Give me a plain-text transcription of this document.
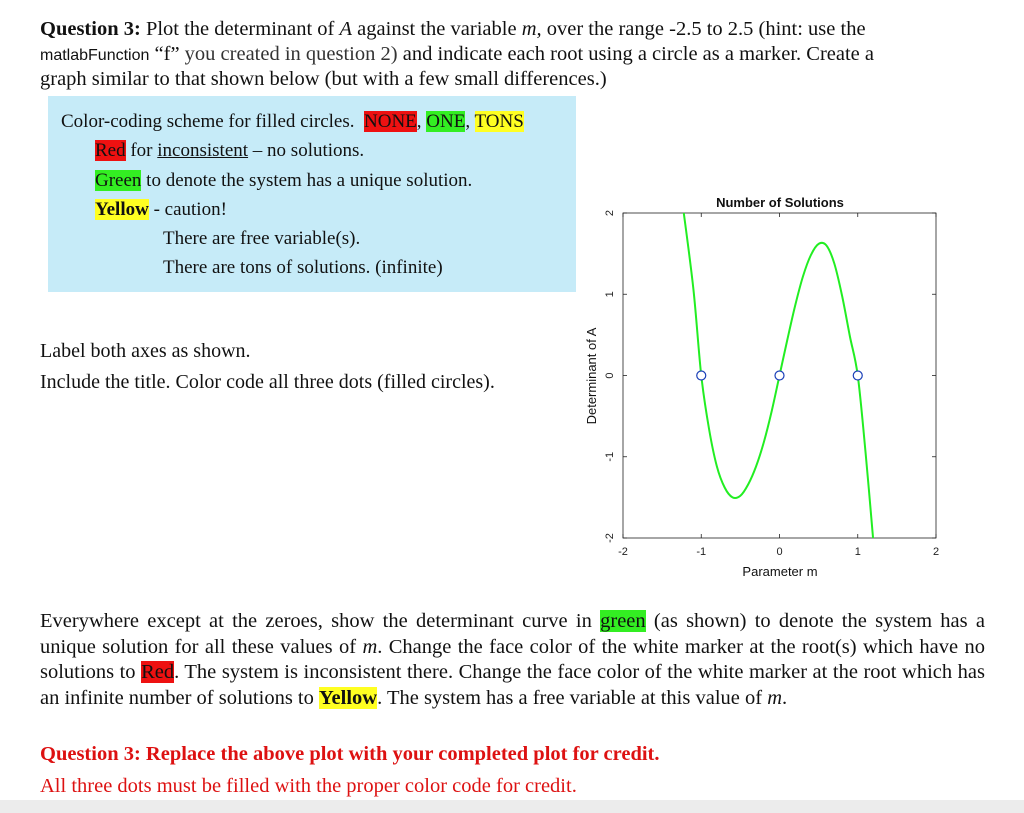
Question 3: Plot the determinant of A against the variable m, over the range -2.5 to 2.5 (hint: use the
matlabFunction “f” you created in question 2) and indicate each root using a circle as a marker. Create a
graph similar to that shown below (but with a few small differences.)
Color-coding scheme for filled circles. NONE, ONE, TONS
Red for inconsistent – no solutions.
Green to denote the system has a unique solution.
Yellow - caution!
There are free variable(s).
There are tons of solutions. (infinite)
Label both axes as shown.
Include the title. Color code all three dots (filled circles).
Number of Solutions
-2	-1	0	1	2
-2
-1
0
1
2
Parameter m
Determinant of A
Everywhere except at the zeroes, show the determinant curve in green (as shown) to denote the system has a unique solution for all these values of m. Change the face color of the white marker at the root(s) which have no solutions to Red. The system is inconsistent there. Change the face color of the white marker at the root which has an infinite number of solutions to Yellow. The system has a free variable at this value of m.
Question 3: Replace the above plot with your completed plot for credit.
All three dots must be filled with the proper color code for credit.
